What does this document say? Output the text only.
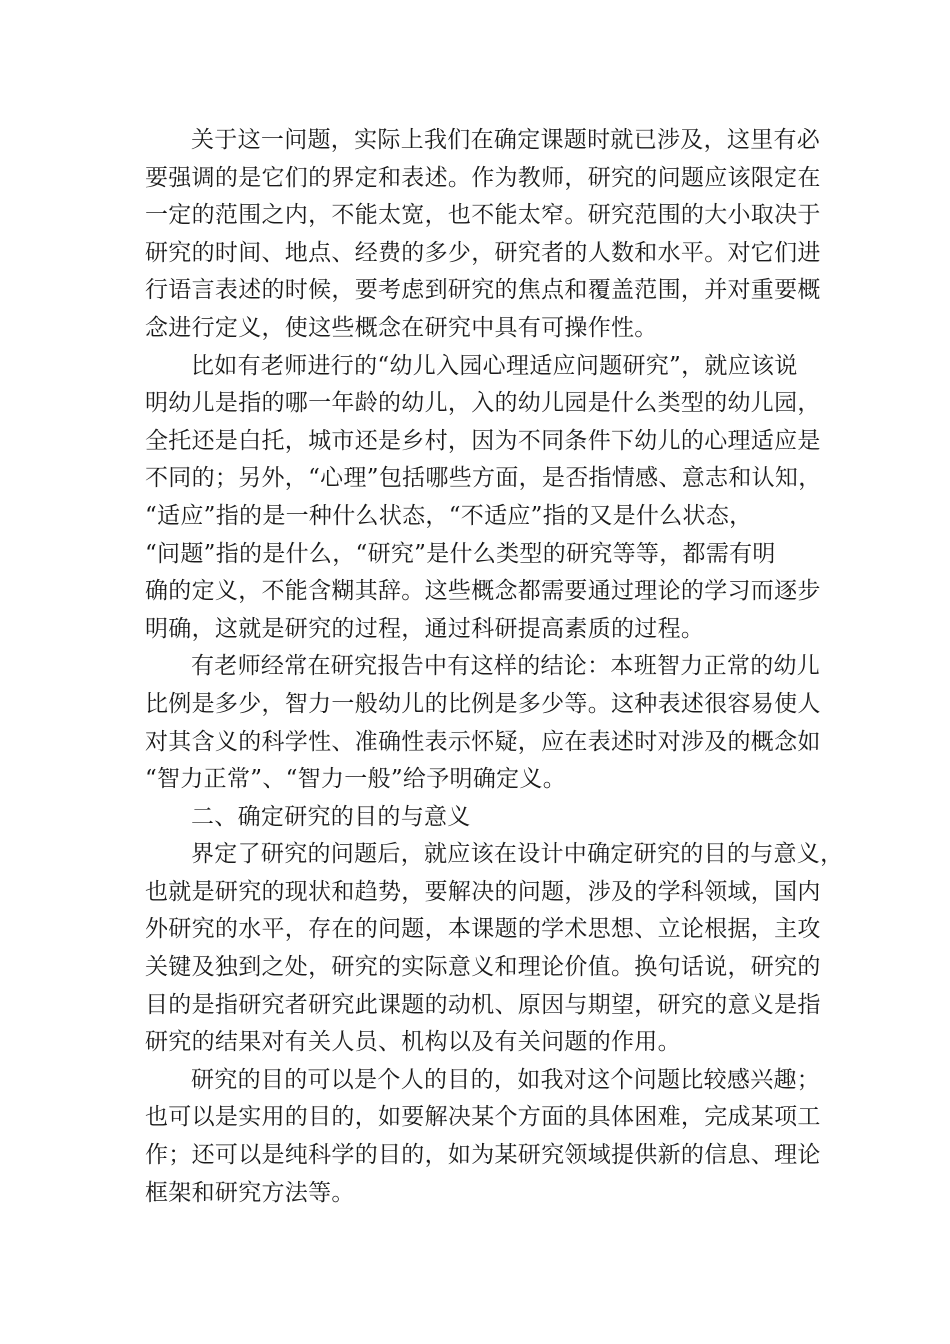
关于这一问题，实际上我们在确定课题时就已涉及，这里有必
要强调的是它们的界定和表述。作为教师，研究的问题应该限定在
一定的范围之内，不能太宽，也不能太窄。研究范围的大小取决于
研究的时间、地点、经费的多少，研究者的人数和水平。对它们进
行语言表述的时候，要考虑到研究的焦点和覆盖范围，并对重要概
念进行定义，使这些概念在研究中具有可操作性。
比如有老师进行的“幼儿入园心理适应问题研究”，就应该说
明幼儿是指的哪一年龄的幼儿，入的幼儿园是什么类型的幼儿园，
全托还是白托，城市还是乡村，因为不同条件下幼儿的心理适应是
不同的；另外，“心理”包括哪些方面，是否指情感、意志和认知，
“适应”指的是一种什么状态，“不适应”指的又是什么状态，
“问题”指的是什么，“研究”是什么类型的研究等等，都需有明
确的定义，不能含糊其辞。这些概念都需要通过理论的学习而逐步
明确，这就是研究的过程，通过科研提高素质的过程。
有老师经常在研究报告中有这样的结论：本班智力正常的幼儿
比例是多少，智力一般幼儿的比例是多少等。这种表述很容易使人
对其含义的科学性、准确性表示怀疑，应在表述时对涉及的概念如
“智力正常”、“智力一般”给予明确定义。
二、确定研究的目的与意义
界定了研究的问题后，就应该在设计中确定研究的目的与意义，
也就是研究的现状和趋势，要解决的问题，涉及的学科领域，国内
外研究的水平，存在的问题，本课题的学术思想、立论根据，主攻
关键及独到之处，研究的实际意义和理论价值。换句话说，研究的
目的是指研究者研究此课题的动机、原因与期望，研究的意义是指
研究的结果对有关人员、机构以及有关问题的作用。
研究的目的可以是个人的目的，如我对这个问题比较感兴趣；
也可以是实用的目的，如要解决某个方面的具体困难，完成某项工
作；还可以是纯科学的目的，如为某研究领域提供新的信息、理论
框架和研究方法等。
